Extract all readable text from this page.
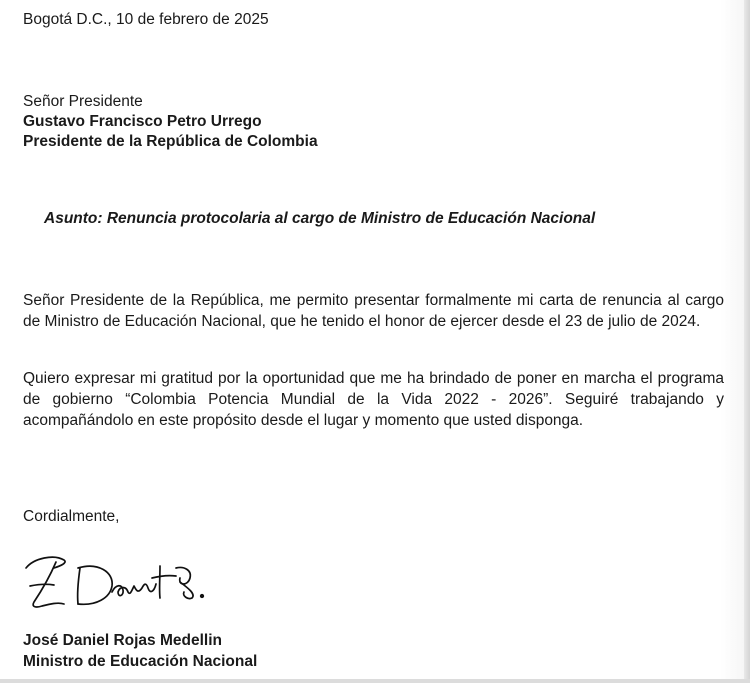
Bogotá D.C., 10 de febrero de 2025
Señor Presidente
Gustavo Francisco Petro Urrego
Presidente de la República de Colombia
Asunto: Renuncia protocolaria al cargo de Ministro de Educación Nacional

Señor Presidente de la República, me permito presentar formalmente mi carta de renuncia al cargo de Ministro de Educación Nacional, que he tenido el honor de ejercer desde el 23 de julio de 2024.

Quiero expresar mi gratitud por la oportunidad que me ha brindado de poner en marcha el programa de gobierno “Colombia Potencia Mundial de la Vida 2022 - 2026”. Seguiré trabajando y acompañándolo en este propósito desde el lugar y momento que usted disponga.

Cordialmente,
José Daniel Rojas Medellin
Ministro de Educación Nacional
